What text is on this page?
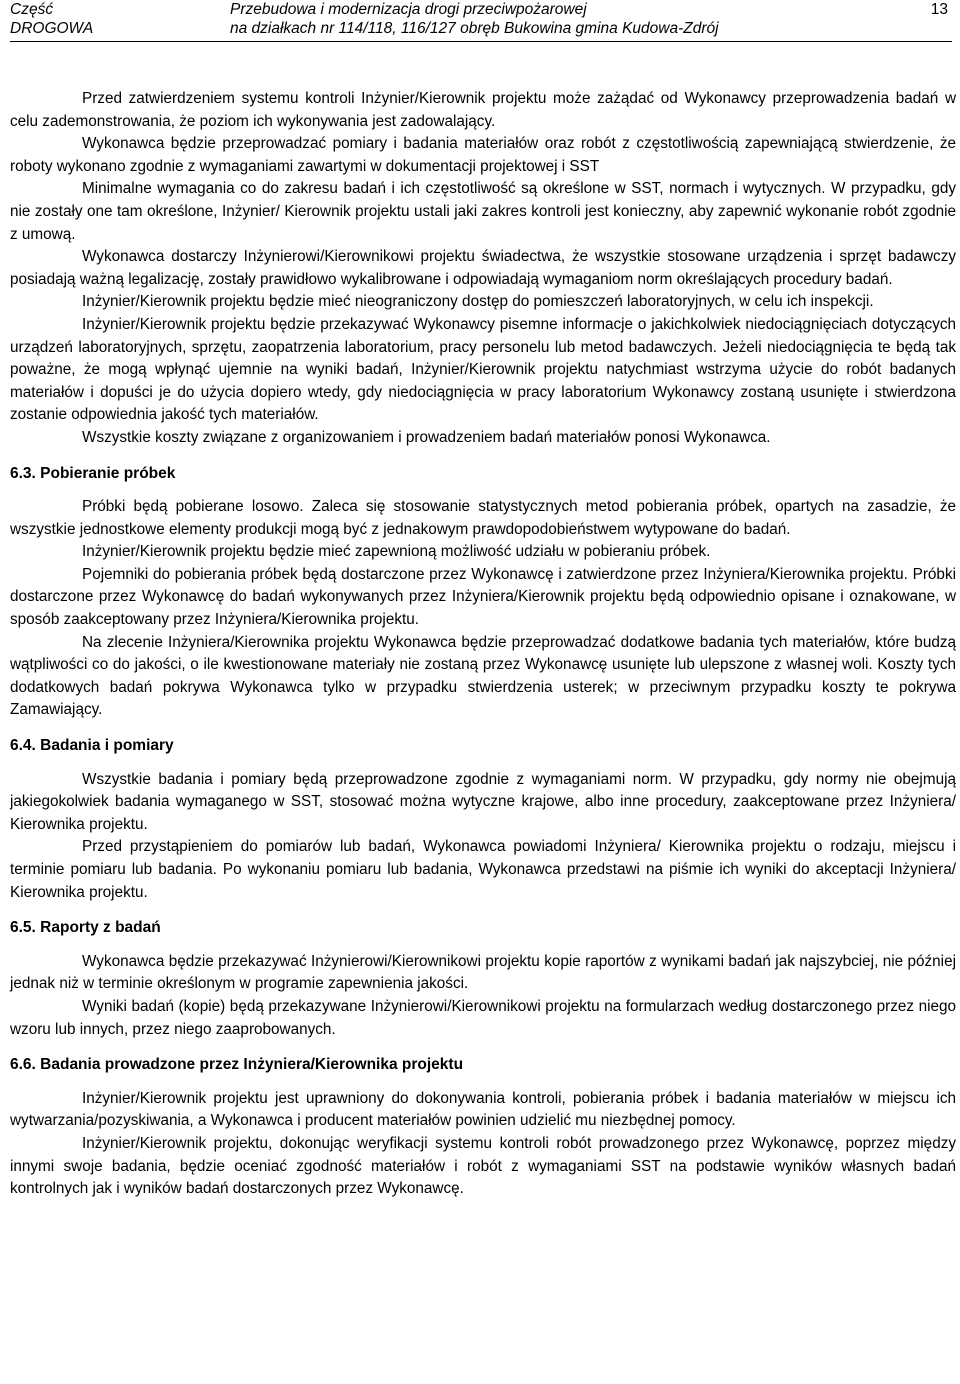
Część
DROGOWA
Przebudowa i modernizacja drogi przeciwpożarowej
na działkach nr 114/118, 116/127 obręb Bukowina gmina Kudowa-Zdrój
13

Przed zatwierdzeniem systemu kontroli Inżynier/Kierownik projektu może zażądać od Wykonawcy przeprowadzenia badań w celu zademonstrowania, że poziom ich wykonywania jest zadowalający.

Wykonawca będzie przeprowadzać pomiary i badania materiałów oraz robót z częstotliwością zapewniającą stwierdzenie, że roboty wykonano zgodnie z wymaganiami zawartymi w dokumentacji projektowej i SST

Minimalne wymagania co do zakresu badań i ich częstotliwość są określone w SST, normach i wytycznych. W przypadku, gdy nie zostały one tam określone, Inżynier/ Kierownik projektu ustali jaki zakres kontroli jest konieczny, aby zapewnić wykonanie robót zgodnie z umową.

Wykonawca dostarczy Inżynierowi/Kierownikowi projektu świadectwa, że wszystkie stosowane urządzenia i sprzęt badawczy posiadają ważną legalizację, zostały prawidłowo wykalibrowane i odpowiadają wymaganiom norm określających procedury badań.

Inżynier/Kierownik projektu będzie mieć nieograniczony dostęp do pomieszczeń laboratoryjnych, w celu ich inspekcji.

Inżynier/Kierownik projektu będzie przekazywać Wykonawcy pisemne informacje o jakichkolwiek niedociągnięciach dotyczących urządzeń laboratoryjnych, sprzętu, zaopatrzenia laboratorium, pracy personelu lub metod badawczych. Jeżeli niedociągnięcia te będą tak poważne, że mogą wpłynąć ujemnie na wyniki badań, Inżynier/Kierownik projektu natychmiast wstrzyma użycie do robót badanych materiałów i dopuści je do użycia dopiero wtedy, gdy niedociągnięcia w pracy laboratorium Wykonawcy zostaną usunięte i stwierdzona zostanie odpowiednia jakość tych materiałów.

Wszystkie koszty związane z organizowaniem i prowadzeniem badań materiałów ponosi Wykonawca.

6.3. Pobieranie próbek

Próbki będą pobierane losowo. Zaleca się stosowanie statystycznych metod pobierania próbek, opartych na zasadzie, że wszystkie jednostkowe elementy produkcji mogą być z jednakowym prawdopodobieństwem wytypowane do badań.

Inżynier/Kierownik projektu będzie mieć zapewnioną możliwość udziału w pobieraniu próbek.

Pojemniki do pobierania próbek będą dostarczone przez Wykonawcę i zatwierdzone przez Inżyniera/Kierownika projektu. Próbki dostarczone przez Wykonawcę do badań wykonywanych przez Inżyniera/Kierownik projektu będą odpowiednio opisane i oznakowane, w sposób zaakceptowany przez Inżyniera/Kierownika projektu.

Na zlecenie Inżyniera/Kierownika projektu Wykonawca będzie przeprowadzać dodatkowe badania tych materiałów, które budzą wątpliwości co do jakości, o ile kwestionowane materiały nie zostaną przez Wykonawcę usunięte lub ulepszone z własnej woli. Koszty tych dodatkowych badań pokrywa Wykonawca tylko w przypadku stwierdzenia usterek; w przeciwnym przypadku koszty te pokrywa Zamawiający.

6.4. Badania i pomiary

Wszystkie badania i pomiary będą przeprowadzone zgodnie z wymaganiami norm. W przypadku, gdy normy nie obejmują jakiegokolwiek badania wymaganego w SST, stosować można wytyczne krajowe, albo inne procedury, zaakceptowane przez Inżyniera/ Kierownika projektu.

Przed przystąpieniem do pomiarów lub badań, Wykonawca powiadomi Inżyniera/ Kierownika projektu o rodzaju, miejscu i terminie pomiaru lub badania. Po wykonaniu pomiaru lub badania, Wykonawca przedstawi na piśmie ich wyniki do akceptacji Inżyniera/ Kierownika projektu.

6.5. Raporty z badań

Wykonawca będzie przekazywać Inżynierowi/Kierownikowi projektu kopie raportów z wynikami badań jak najszybciej, nie później jednak niż w terminie określonym w programie zapewnienia jakości.

Wyniki badań (kopie) będą przekazywane Inżynierowi/Kierownikowi projektu na formularzach według dostarczonego przez niego wzoru lub innych, przez niego zaaprobowanych.

6.6. Badania prowadzone przez Inżyniera/Kierownika projektu

Inżynier/Kierownik projektu jest uprawniony do dokonywania kontroli, pobierania próbek i badania materiałów w miejscu ich wytwarzania/pozyskiwania, a Wykonawca i producent materiałów powinien udzielić mu niezbędnej pomocy.

Inżynier/Kierownik projektu, dokonując weryfikacji systemu kontroli robót prowadzonego przez Wykonawcę, poprzez między innymi swoje badania, będzie oceniać zgodność materiałów i robót z wymaganiami SST na podstawie wyników własnych badań kontrolnych jak i wyników badań dostarczonych przez Wykonawcę.
